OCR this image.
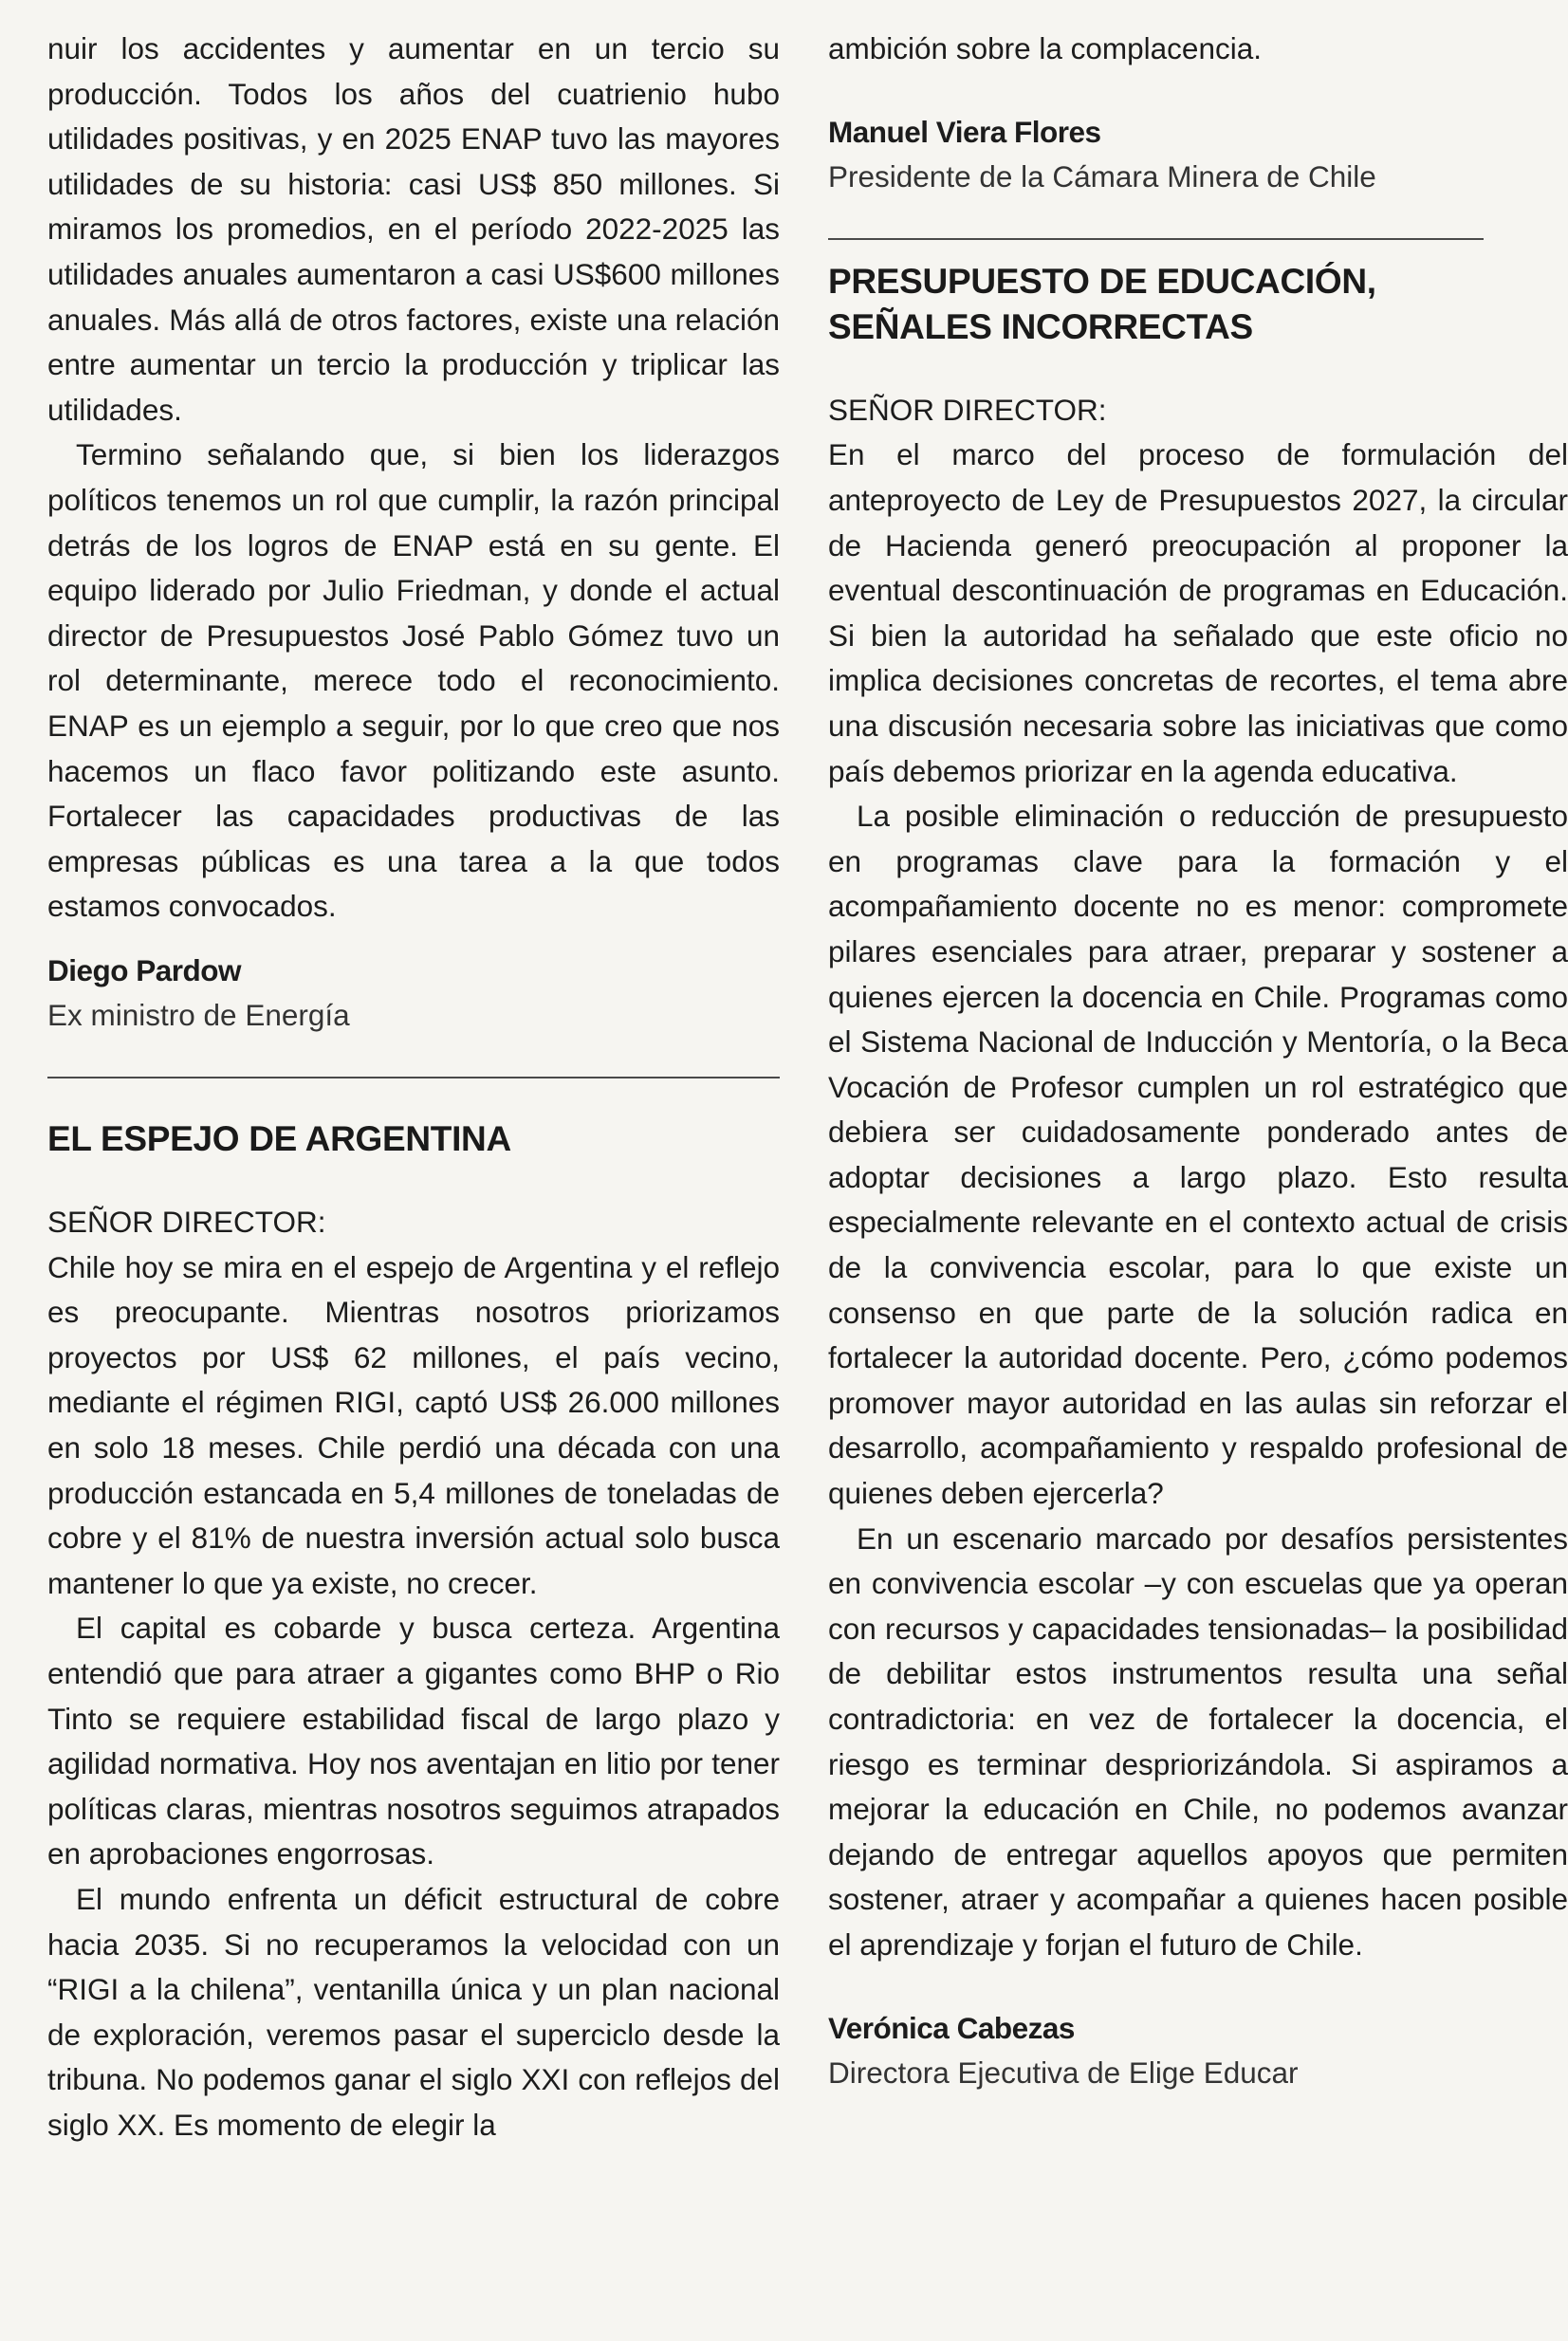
nuir los accidentes y aumentar en un tercio su producción. Todos los años del cuatrienio hubo utilidades positivas, y en 2025 ENAP tuvo las mayores utilidades de su historia: casi US$ 850 millones. Si miramos los promedios, en el período 2022-2025 las utilidades anuales aumentaron a casi US$600 millones anuales. Más allá de otros factores, existe una relación entre aumentar un tercio la producción y triplicar las utilidades.

Termino señalando que, si bien los liderazgos políticos tenemos un rol que cumplir, la razón principal detrás de los logros de ENAP está en su gente. El equipo liderado por Julio Friedman, y donde el actual director de Presupuestos José Pablo Gómez tuvo un rol determinante, merece todo el reconocimiento. ENAP es un ejemplo a seguir, por lo que creo que nos hacemos un flaco favor politizando este asunto. Fortalecer las capacidades productivas de las empresas públicas es una tarea a la que todos estamos convocados.

Diego Pardow

Ex ministro de Energía

EL ESPEJO DE ARGENTINA

SEÑOR DIRECTOR:

Chile hoy se mira en el espejo de Argentina y el reflejo es preocupante. Mientras nosotros priorizamos proyectos por US$ 62 millones, el país vecino, mediante el régimen RIGI, captó US$ 26.000 millones en solo 18 meses. Chile perdió una década con una producción estancada en 5,4 millones de toneladas de cobre y el 81% de nuestra inversión actual solo busca mantener lo que ya existe, no crecer.

El capital es cobarde y busca certeza. Argentina entendió que para atraer a gigantes como BHP o Rio Tinto se requiere estabilidad fiscal de largo plazo y agilidad normativa. Hoy nos aventajan en litio por tener políticas claras, mientras nosotros seguimos atrapados en aprobaciones engorrosas.

El mundo enfrenta un déficit estructural de cobre hacia 2035. Si no recuperamos la velocidad con un “RIGI a la chilena”, ventanilla única y un plan nacional de exploración, veremos pasar el superciclo desde la tribuna. No podemos ganar el siglo XXI con reflejos del siglo XX. Es momento de elegir la

ambición sobre la complacencia.

Manuel Viera Flores

Presidente de la Cámara Minera de Chile

PRESUPUESTO DE EDUCACIÓN,
SEÑALES INCORRECTAS

SEÑOR DIRECTOR:

En el marco del proceso de formulación del anteproyecto de Ley de Presupuestos 2027, la circular de Hacienda generó preocupación al proponer la eventual descontinuación de programas en Educación. Si bien la autoridad ha señalado que este oficio no implica decisiones concretas de recortes, el tema abre una discusión necesaria sobre las iniciativas que como país debemos priorizar en la agenda educativa.

La posible eliminación o reducción de presupuesto en programas clave para la formación y el acompañamiento docente no es menor: compromete pilares esenciales para atraer, preparar y sostener a quienes ejercen la docencia en Chile. Programas como el Sistema Nacional de Inducción y Mentoría, o la Beca Vocación de Profesor cumplen un rol estratégico que debiera ser cuidadosamente ponderado antes de adoptar decisiones a largo plazo. Esto resulta especialmente relevante en el contexto actual de crisis de la convivencia escolar, para lo que existe un consenso en que parte de la solución radica en fortalecer la autoridad docente. Pero, ¿cómo podemos promover mayor autoridad en las aulas sin reforzar el desarrollo, acompañamiento y respaldo profesional de quienes deben ejercerla?

En un escenario marcado por desafíos persistentes en convivencia escolar –y con escuelas que ya operan con recursos y capacidades tensionadas– la posibilidad de debilitar estos instrumentos resulta una señal contradictoria: en vez de fortalecer la docencia, el riesgo es terminar despriorizándola. Si aspiramos a mejorar la educación en Chile, no podemos avanzar dejando de entregar aquellos apoyos que permiten sostener, atraer y acompañar a quienes hacen posible el aprendizaje y forjan el futuro de Chile.

Verónica Cabezas

Directora Ejecutiva de Elige Educar
